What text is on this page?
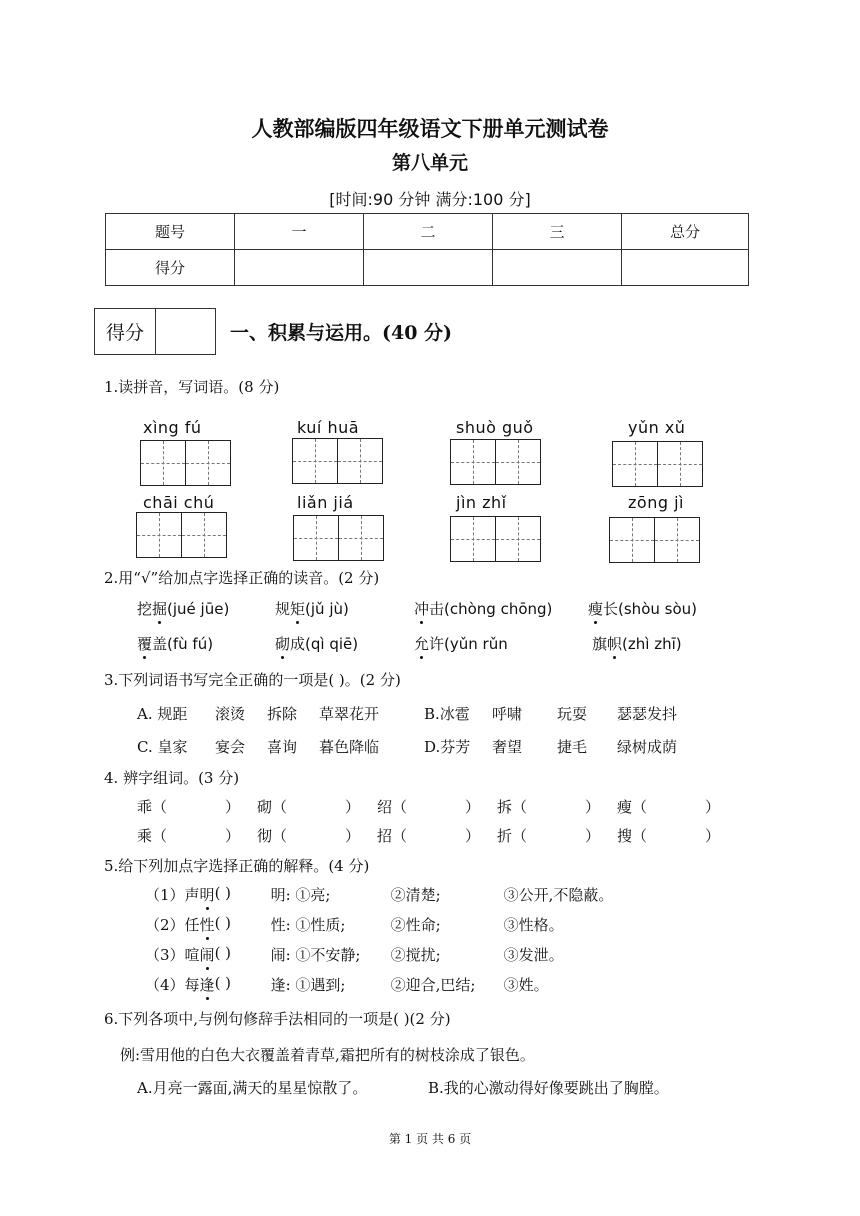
人教部编版四年级语文下册单元测试卷
第八单元
[时间:90 分钟 满分:100 分]
题号	一	二	三	总分
得分				
得分	一、积累与运用。(40 分)
1.读拼音，写词语。(8 分)
xìng fú	kuí huā	shuò guǒ	yǔn xǔ
chāi chú	liǎn jiá	jìn zhǐ	zōng jì
2.用“√”给加点字选择正确的读音。(2 分)
挖掘(jué jūe)	规矩(jǔ jù)	冲击(chòng chōng) 瘦长(shòu sòu)
覆盖(fù fú)	砌成(qì qiē)	允许(yǔn rǔn	旗帜(zhì zhī)
3.下列词语书写完全正确的一项是( )。(2 分)
A. 规距	滚烫	拆除	草翠花开	B.冰雹	呼啸	玩耍	瑟瑟发抖
C. 皇家	宴会	喜询	暮色降临	D.芬芳	奢望	捷毛	绿树成荫
4. 辨字组词。(3 分)
乖（	）	砌（	）	绍（	）	拆（	）	瘦（	）
乘（	）	彻（	）	招（	）	折（	）	搜（	）
5.给下列加点字选择正确的解释。(4 分)
（1）声 明 ( )	明: ①亮;	②清楚;	③公开,不隐蔽。
（2）任 性 ( )	性: ①性质;	②性命;	③性格。
（3）喧 闹 ( )	闹: ①不安静;	②搅扰;	③发泄。
（4）每 逢 ( )	逢: ①遇到;	②迎合,巴结;	③姓。
6.下列各项中,与例句修辞手法相同的一项是( )(2 分)
例:雪用他的白色大衣覆盖着青草,霜把所有的树枝涂成了银色。
A.月亮一露面,满天的星星惊散了。	B.我的心激动得好像要跳出了胸膛。
第 1 页 共 6 页
